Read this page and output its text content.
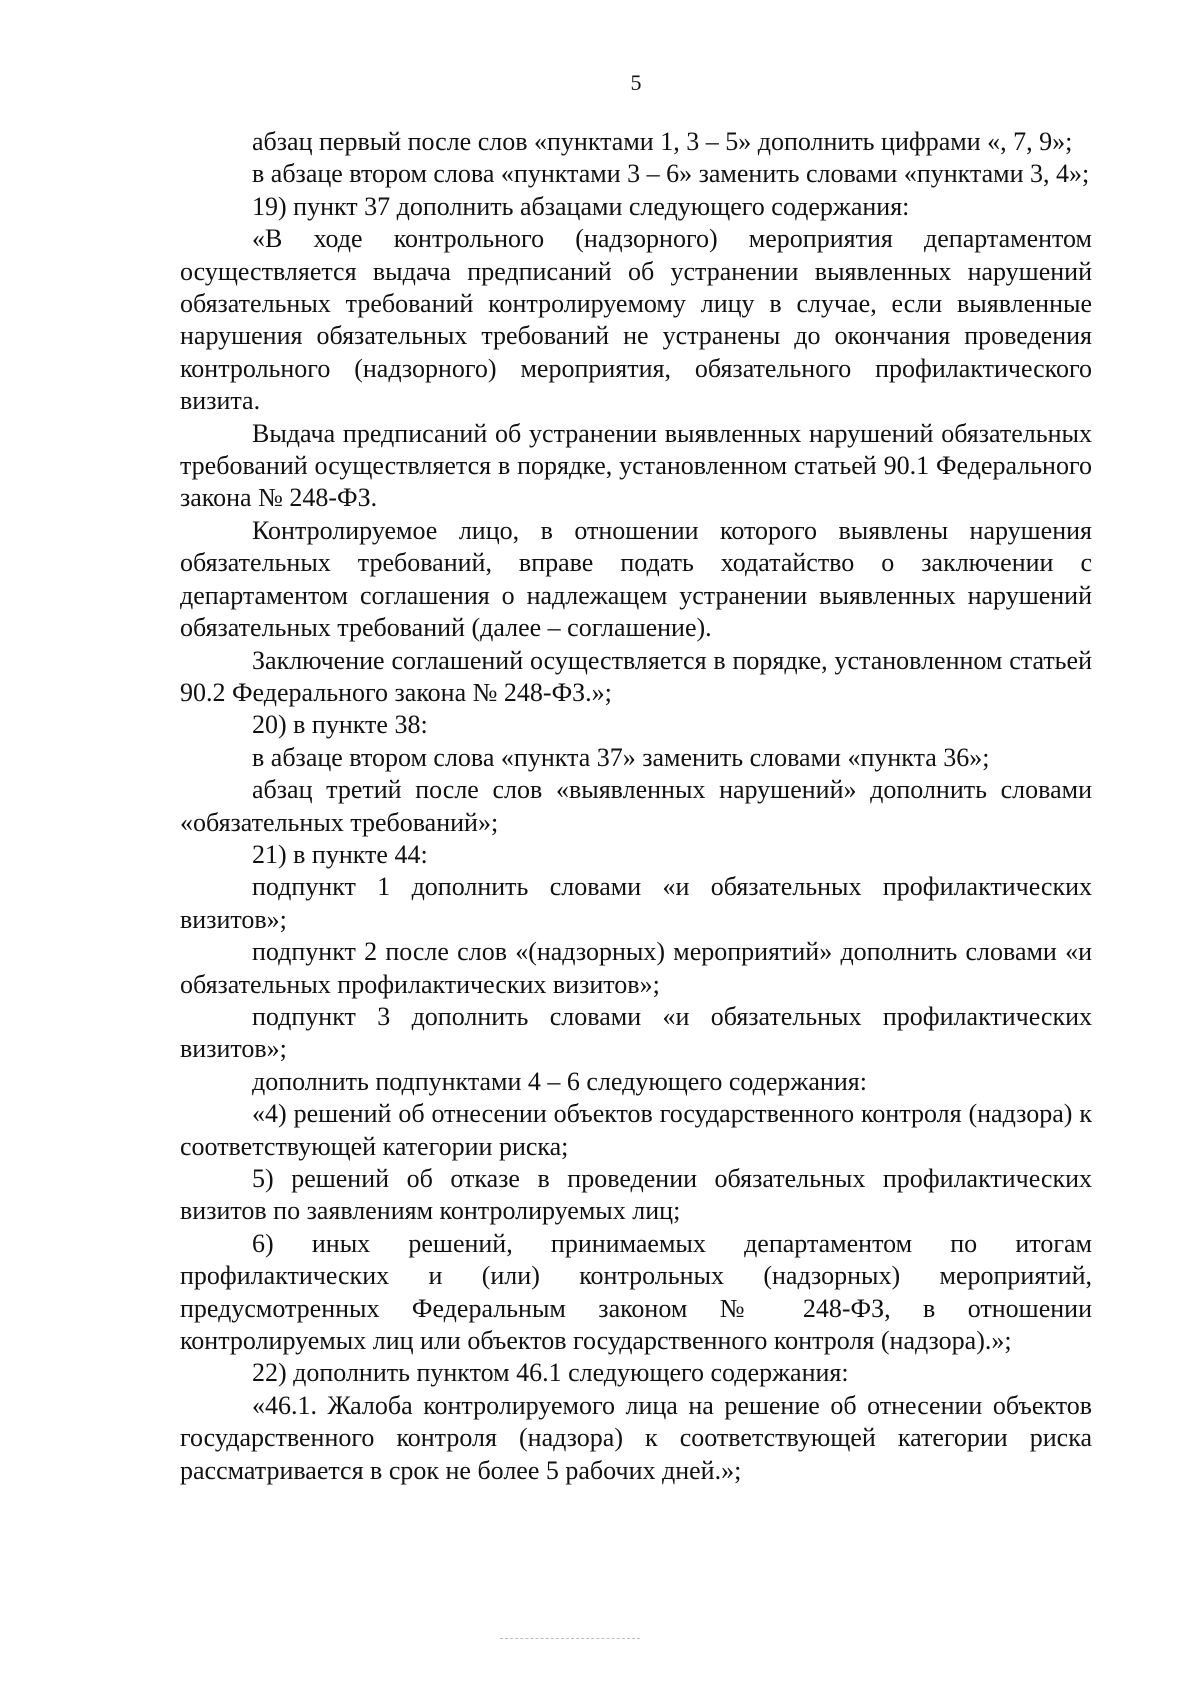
5

абзац первый после слов «пунктами 1, 3 – 5» дополнить цифрами «, 7, 9»;

в абзаце втором слова «пунктами 3 – 6» заменить словами «пунктами 3, 4»;

19) пункт 37 дополнить абзацами следующего содержания:

«В ходе контрольного (надзорного) мероприятия департаментом осуществляется выдача предписаний об устранении выявленных нарушений обязательных требований контролируемому лицу в случае, если выявленные нарушения обязательных требований не устранены до окончания проведения контрольного (надзорного) мероприятия, обязательного профилактического визита.

Выдача предписаний об устранении выявленных нарушений обязательных требований осуществляется в порядке, установленном статьей 90.1 Федерального закона № 248-ФЗ.

Контролируемое лицо, в отношении которого выявлены нарушения обязательных требований, вправе подать ходатайство о заключении с департаментом соглашения о надлежащем устранении выявленных нарушений обязательных требований (далее – соглашение).

Заключение соглашений осуществляется в порядке, установленном статьей 90.2 Федерального закона № 248-ФЗ.»;

20) в пункте 38:

в абзаце втором слова «пункта 37» заменить словами «пункта 36»;

абзац третий после слов «выявленных нарушений» дополнить словами «обязательных требований»;

21) в пункте 44:

подпункт 1 дополнить словами «и обязательных профилактических визитов»;

подпункт 2 после слов «(надзорных) мероприятий» дополнить словами «и обязательных профилактических визитов»;

подпункт 3 дополнить словами «и обязательных профилактических визитов»;

дополнить подпунктами 4 – 6 следующего содержания:

«4) решений об отнесении объектов государственного контроля (надзора) к соответствующей категории риска;

5) решений об отказе в проведении обязательных профилактических визитов по заявлениям контролируемых лиц;

6) иных решений, принимаемых департаментом по итогам профилактических и (или) контрольных (надзорных) мероприятий, предусмотренных Федеральным законом № 248-ФЗ, в отношении контролируемых лиц или объектов государственного контроля (надзора).»;

22) дополнить пунктом 46.1 следующего содержания:

«46.1. Жалоба контролируемого лица на решение об отнесении объектов государственного контроля (надзора) к соответствующей категории риска рассматривается в срок не более 5 рабочих дней.»;
